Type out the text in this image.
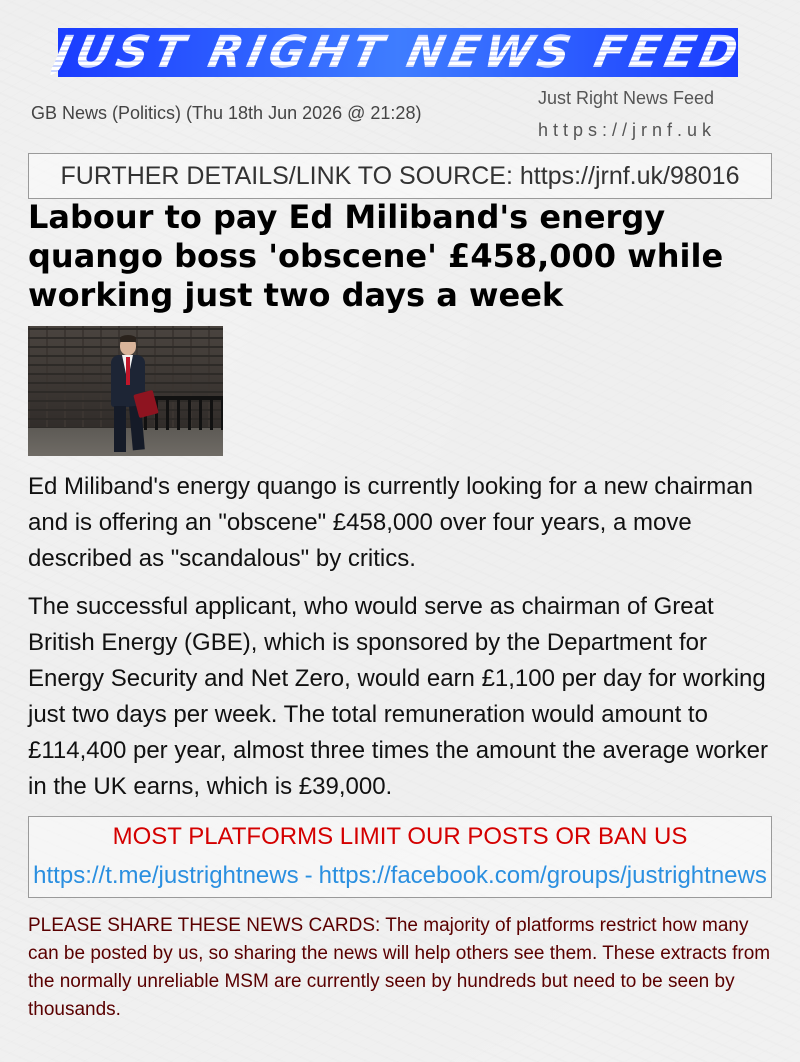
JUST RIGHT NEWS FEED
GB News (Politics) (Thu 18th Jun 2026 @ 21:28)
Just Right News Feed
https://jrnf.uk
FURTHER DETAILS/LINK TO SOURCE: https://jrnf.uk/98016
Labour to pay Ed Miliband's energy quango boss 'obscene' £458,000 while working just two days a week

Ed Miliband's energy quango is currently looking for a new chairman and is offering an "obscene" £458,000 over four years, a move described as "scandalous" by critics.

The successful applicant, who would serve as chairman of Great British Energy (GBE), which is sponsored by the Department for Energy Security and Net Zero, would earn £1,100 per day for working just two days per week. The total remuneration would amount to £114,400 per year, almost three times the amount the average worker in the UK earns, which is £39,000.

MOST PLATFORMS LIMIT OUR POSTS OR BAN US
https://t.me/justrightnews - https://facebook.com/groups/justrightnews

PLEASE SHARE THESE NEWS CARDS: The majority of platforms restrict how many can be posted by us, so sharing the news will help others see them. These extracts from the normally unreliable MSM are currently seen by hundreds but need to be seen by thousands.
